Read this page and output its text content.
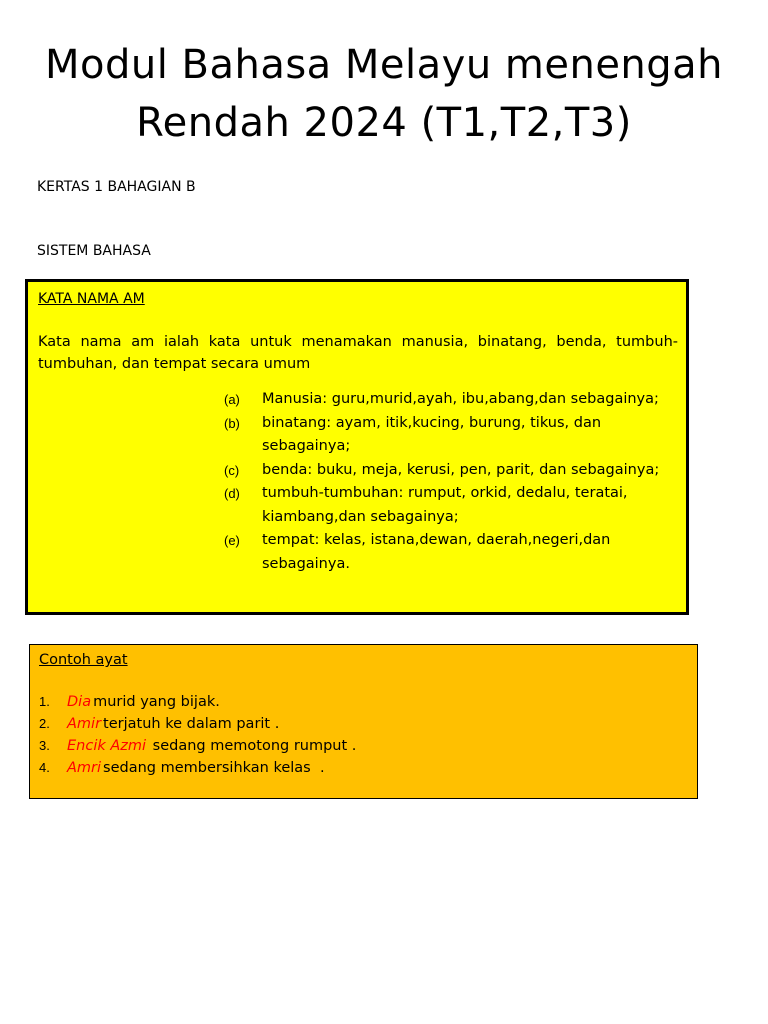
Modul Bahasa Melayu menengah
Rendah 2024 (T1,T2,T3)
KERTAS 1 BAHAGIAN B
SISTEM BAHASA
KATA NAMA AM

Kata nama am ialah kata untuk menamakan manusia, binatang, benda, tumbuh-tumbuhan, dan tempat secara umum

(a)	Manusia: guru,murid,ayah, ibu,abang,dan sebagainya;
(b)	binatang: ayam, itik,kucing, burung, tikus, dan sebagainya;
(c)	benda: buku, meja, kerusi, pen, parit, dan sebagainya;
(d)	tumbuh-tumbuhan: rumput, orkid, dedalu, teratai, kiambang,dan sebagainya;
(e)	tempat: kelas, istana,dewan, daerah,negeri,dan sebagainya.
Contoh ayat
1.	Dia murid yang bijak.
2.	Amir terjatuh ke dalam parit .
3.	Encik Azmi sedang memotong rumput .
4.	Amri sedang membersihkan kelas  .
